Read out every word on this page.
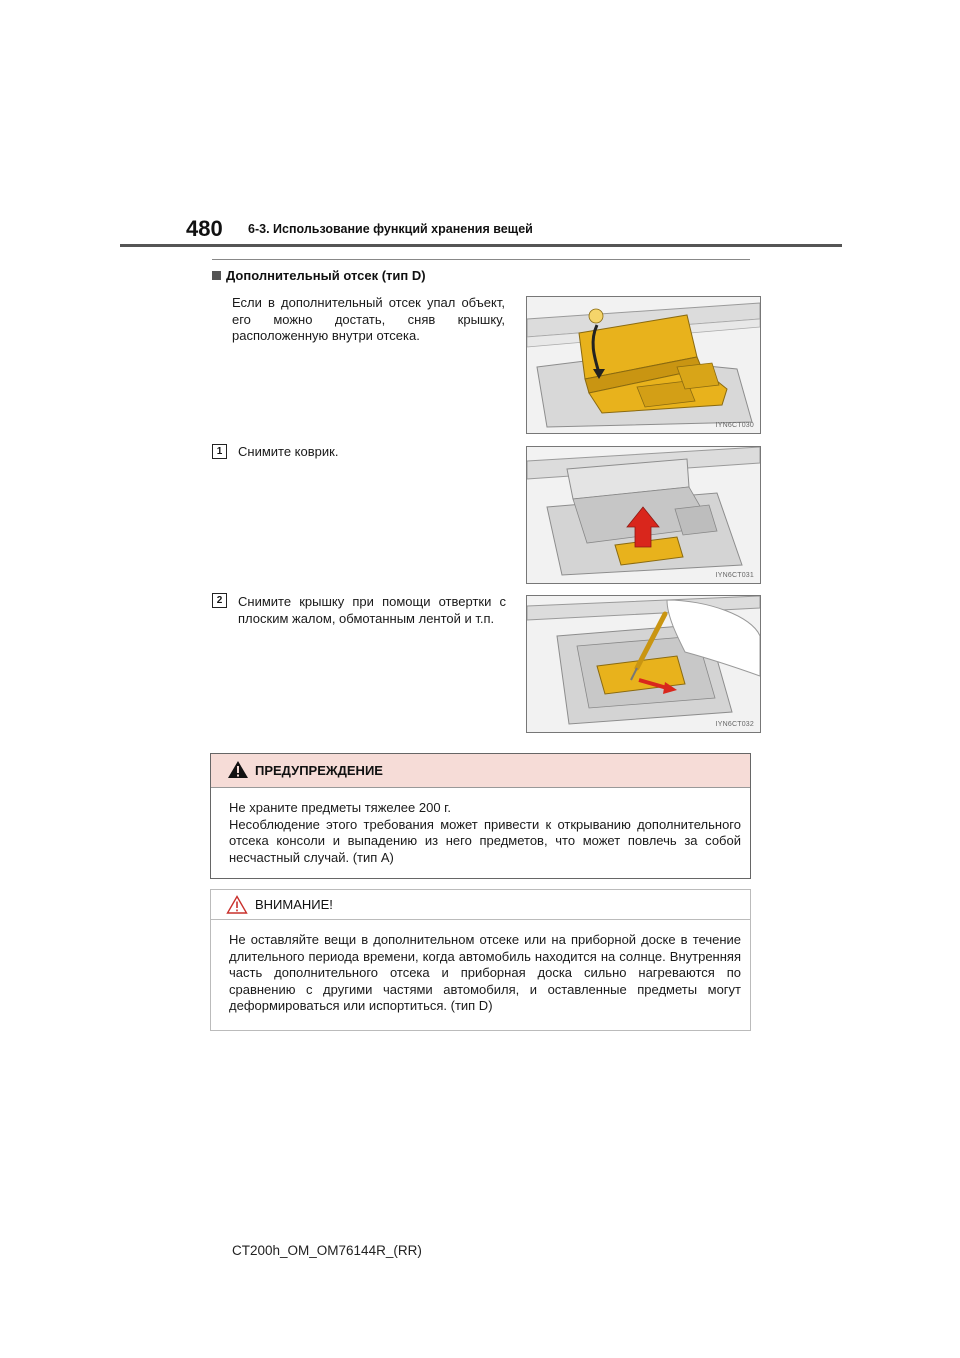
480 6-3. Использование функций хранения вещей
Дополнительный отсек (тип D)
Если в дополнительный отсек упал объект, его можно достать, сняв крышку, расположенную внутри отсека.
1	Снимите коврик.
2	Снимите крышку при помощи отвертки с плоским жалом, обмотанным лентой и т.п.
IYN6CT030
IYN6CT031
IYN6CT032
ПРЕДУПРЕЖДЕНИЕ
Не храните предметы тяжелее 200 г.
Несоблюдение этого требования может привести к открыванию дополнительного отсека консоли и выпадению из него предметов, что может повлечь за собой несчастный случай. (тип A)
ВНИМАНИЕ!
Не оставляйте вещи в дополнительном отсеке или на приборной доске в течение длительного периода времени, когда автомобиль находится на солнце. Внутренняя часть дополнительного отсека и приборная доска сильно нагреваются по сравнению с другими частями автомобиля, и оставленные предметы могут деформироваться или испортиться. (тип D)
CT200h_OM_OM76144R_(RR)
